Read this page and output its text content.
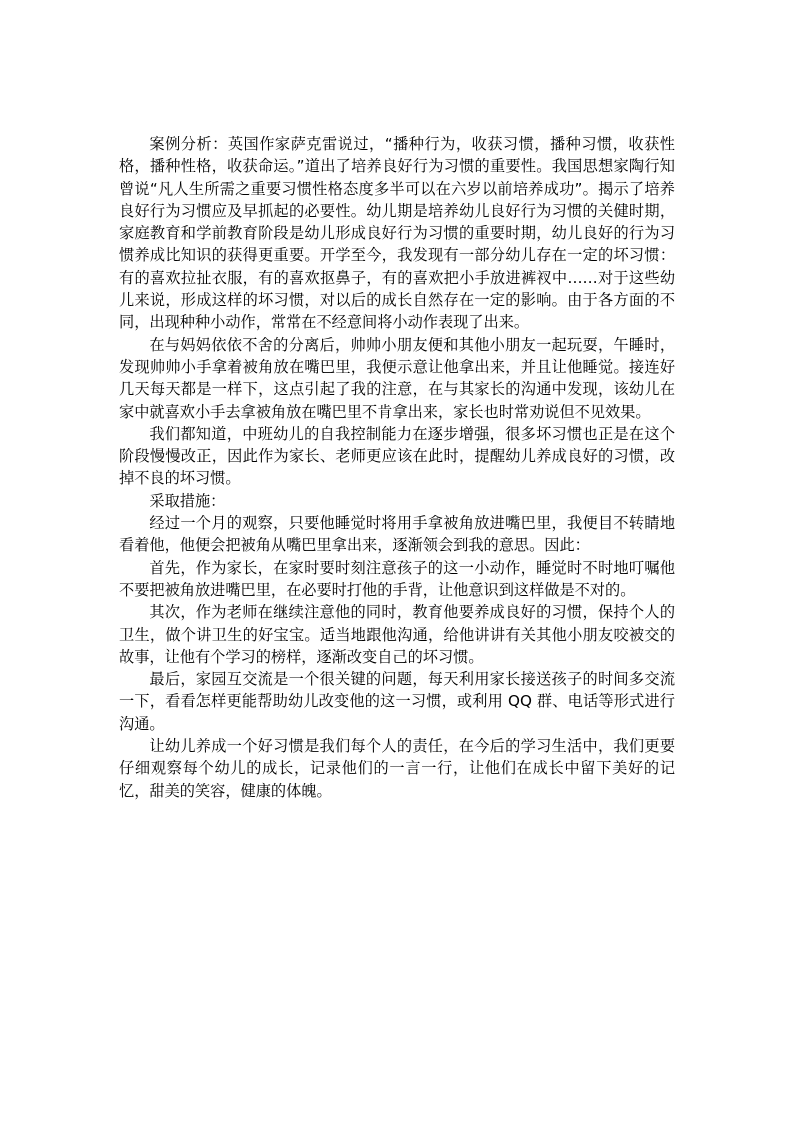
案例分析：英国作家萨克雷说过，“播种行为，收获习惯，播种习惯，收获性格，播种性格，收获命运。”道出了培养良好行为习惯的重要性。我国思想家陶行知曾说“凡人生所需之重要习惯性格态度多半可以在六岁以前培养成功”。揭示了培养良好行为习惯应及早抓起的必要性。幼儿期是培养幼儿良好行为习惯的关健时期，家庭教育和学前教育阶段是幼儿形成良好行为习惯的重要时期，幼儿良好的行为习惯养成比知识的获得更重要。开学至今，我发现有一部分幼儿存在一定的坏习惯：有的喜欢拉扯衣服，有的喜欢抠鼻子，有的喜欢把小手放进裤衩中……对于这些幼儿来说，形成这样的坏习惯，对以后的成长自然存在一定的影响。由于各方面的不同，出现种种小动作，常常在不经意间将小动作表现了出来。

在与妈妈依依不舍的分离后，帅帅小朋友便和其他小朋友一起玩耍，午睡时，发现帅帅小手拿着被角放在嘴巴里，我便示意让他拿出来，并且让他睡觉。接连好几天每天都是一样下，这点引起了我的注意，在与其家长的沟通中发现，该幼儿在家中就喜欢小手去拿被角放在嘴巴里不肯拿出来，家长也时常劝说但不见效果。

我们都知道，中班幼儿的自我控制能力在逐步增强，很多坏习惯也正是在这个阶段慢慢改正，因此作为家长、老师更应该在此时，提醒幼儿养成良好的习惯，改掉不良的坏习惯。

采取措施：

经过一个月的观察，只要他睡觉时将用手拿被角放进嘴巴里，我便目不转睛地看着他，他便会把被角从嘴巴里拿出来，逐渐领会到我的意思。因此：

首先，作为家长，在家时要时刻注意孩子的这一小动作，睡觉时不时地叮嘱他不要把被角放进嘴巴里，在必要时打他的手背，让他意识到这样做是不对的。

其次，作为老师在继续注意他的同时，教育他要养成良好的习惯，保持个人的卫生，做个讲卫生的好宝宝。适当地跟他沟通，给他讲讲有关其他小朋友咬被交的故事，让他有个学习的榜样，逐渐改变自己的坏习惯。

最后，家园互交流是一个很关键的问题，每天利用家长接送孩子的时间多交流一下，看看怎样更能帮助幼儿改变他的这一习惯，或利用 QQ 群、电话等形式进行沟通。

让幼儿养成一个好习惯是我们每个人的责任，在今后的学习生活中，我们更要仔细观察每个幼儿的成长，记录他们的一言一行，让他们在成长中留下美好的记忆，甜美的笑容，健康的体魄。
